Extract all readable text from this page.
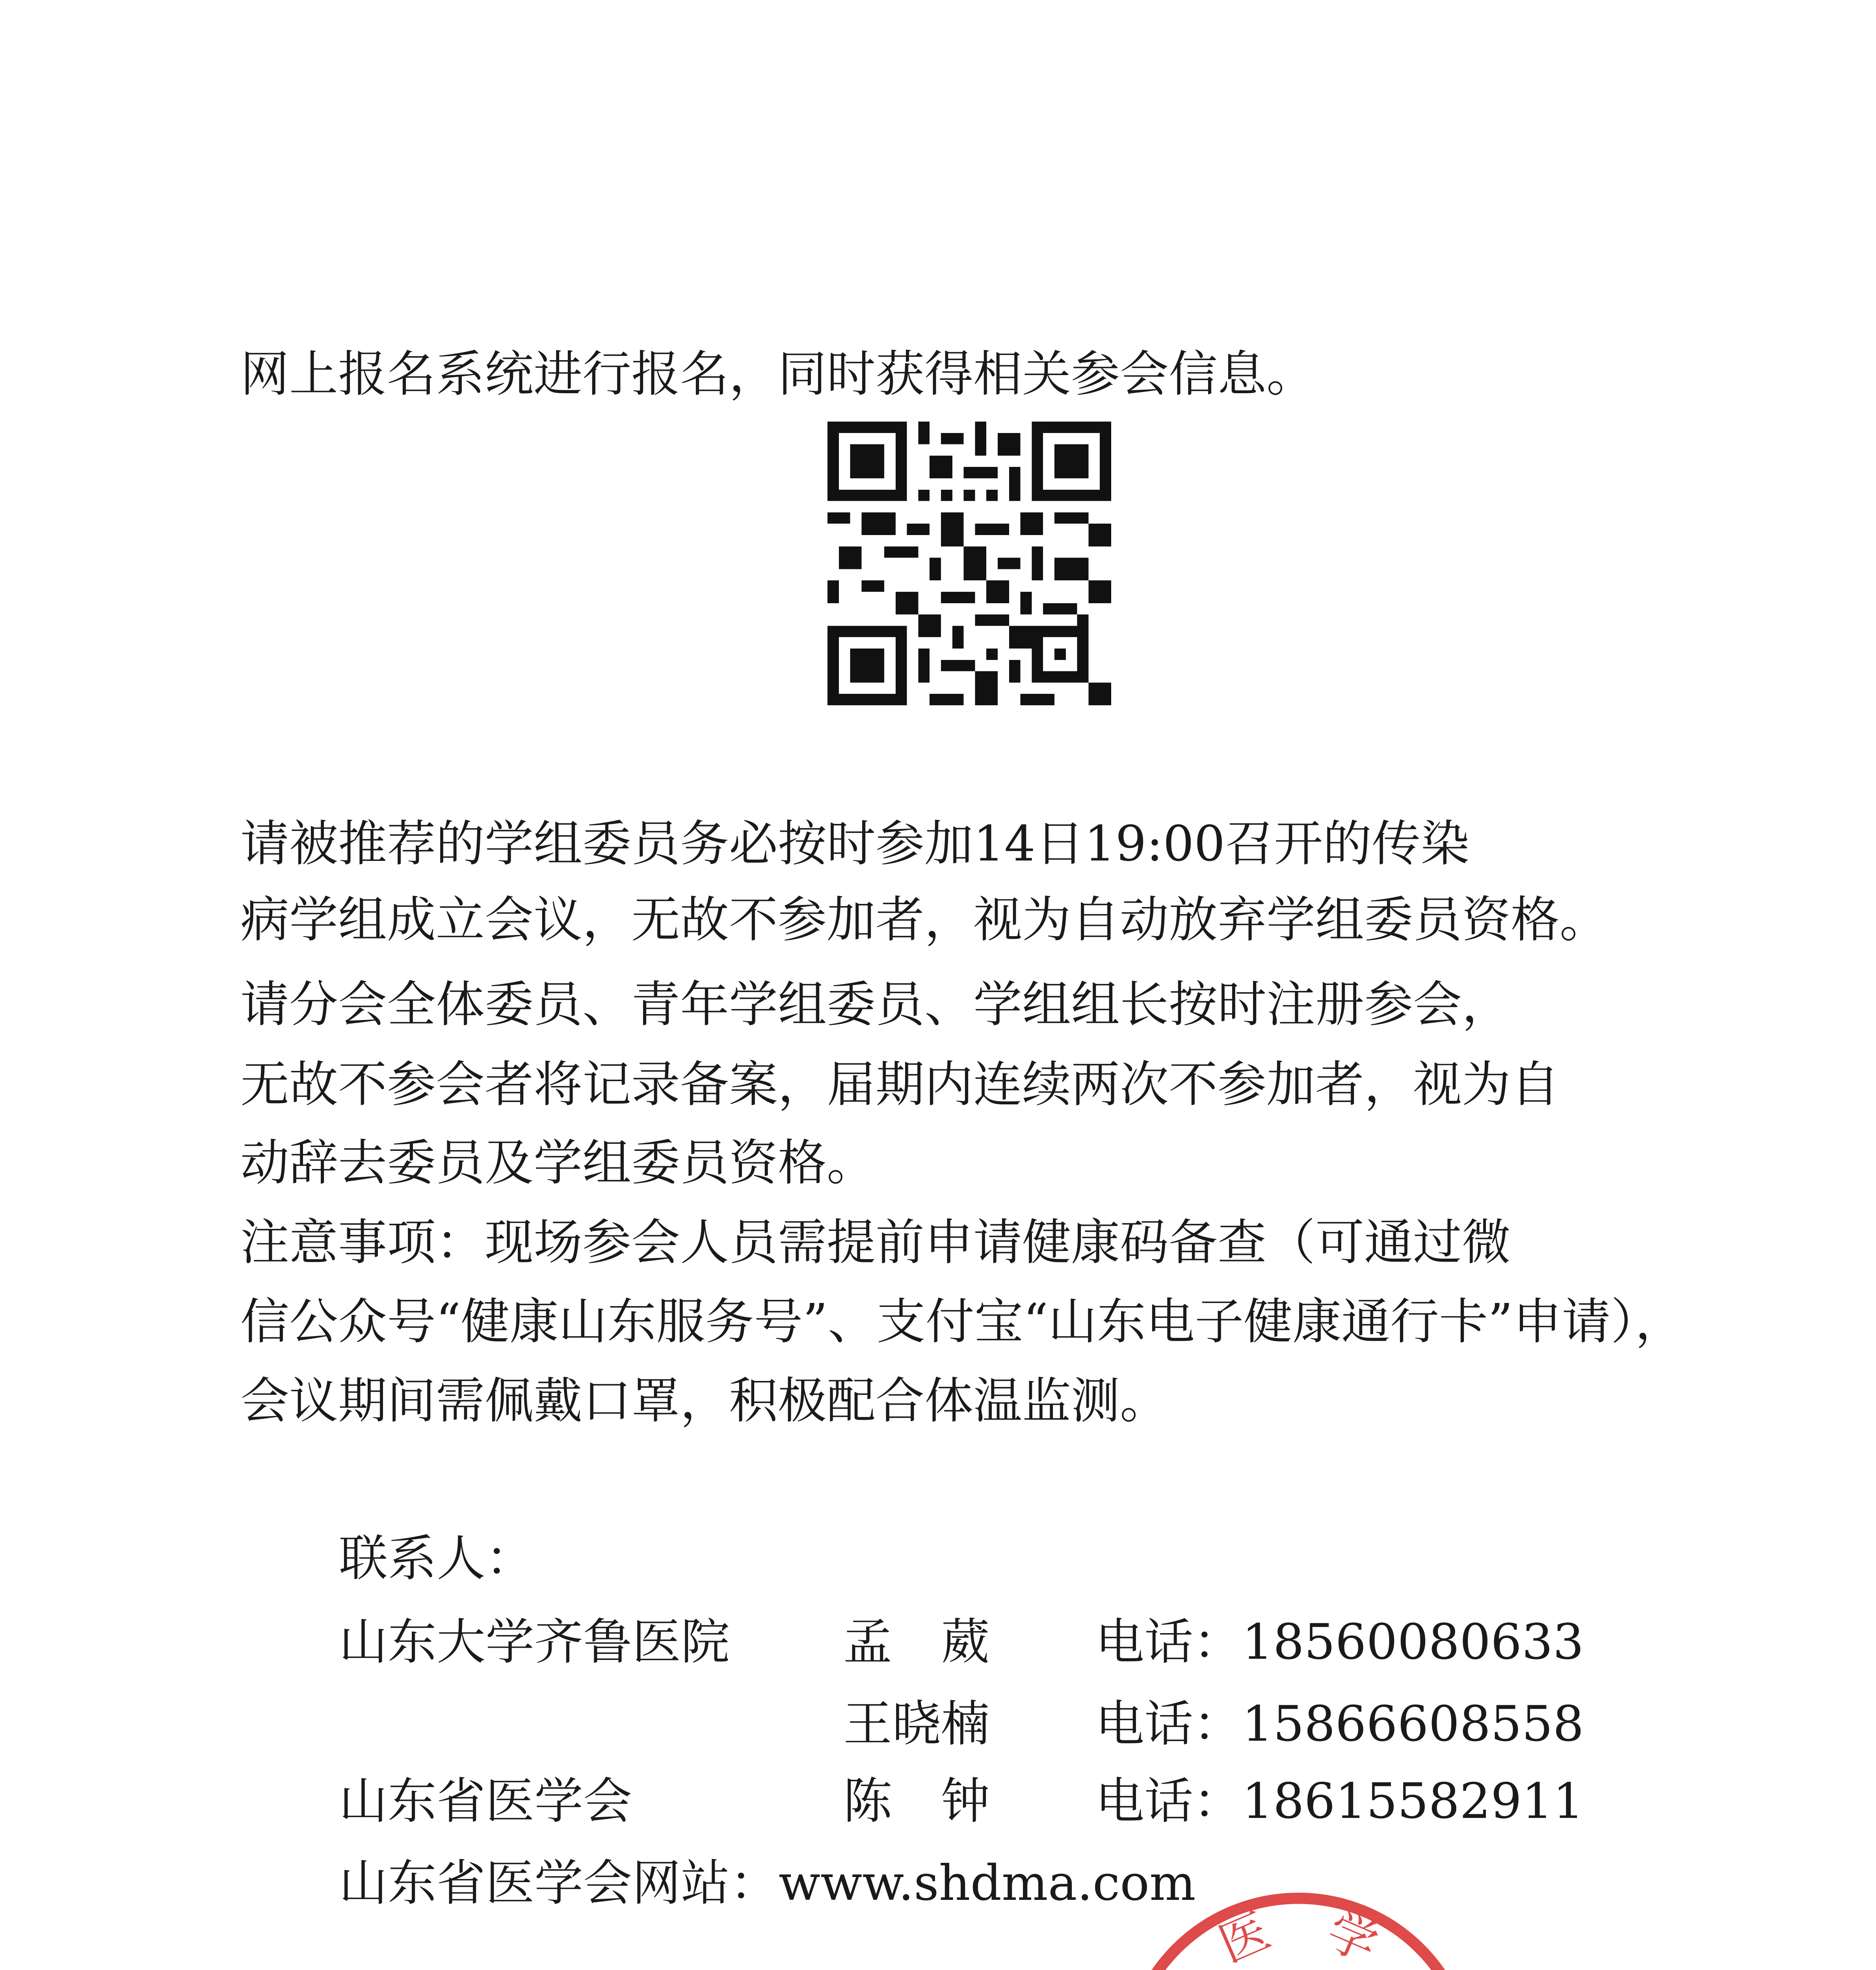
网上报名系统进行报名，同时获得相关参会信息。
请被推荐的学组委员务必按时参加14日19:00召开的传染
病学组成立会议，无故不参加者，视为自动放弃学组委员资格。
请分会全体委员、青年学组委员、学组组长按时注册参会，
无故不参会者将记录备案，届期内连续两次不参加者，视为自
动辞去委员及学组委员资格。
注意事项：现场参会人员需提前申请健康码备查（可通过微
信公众号“健康山东服务号”、支付宝“山东电子健康通行卡”申请），
会议期间需佩戴口罩，积极配合体温监测。
联系人：
山东大学齐鲁医院 孟　葳 电话：18560080633
王晓楠 电话：15866608558
山东省医学会	陈　钟 电话：18615582911
山东省医学会网站：www.shdma.com
医　学
